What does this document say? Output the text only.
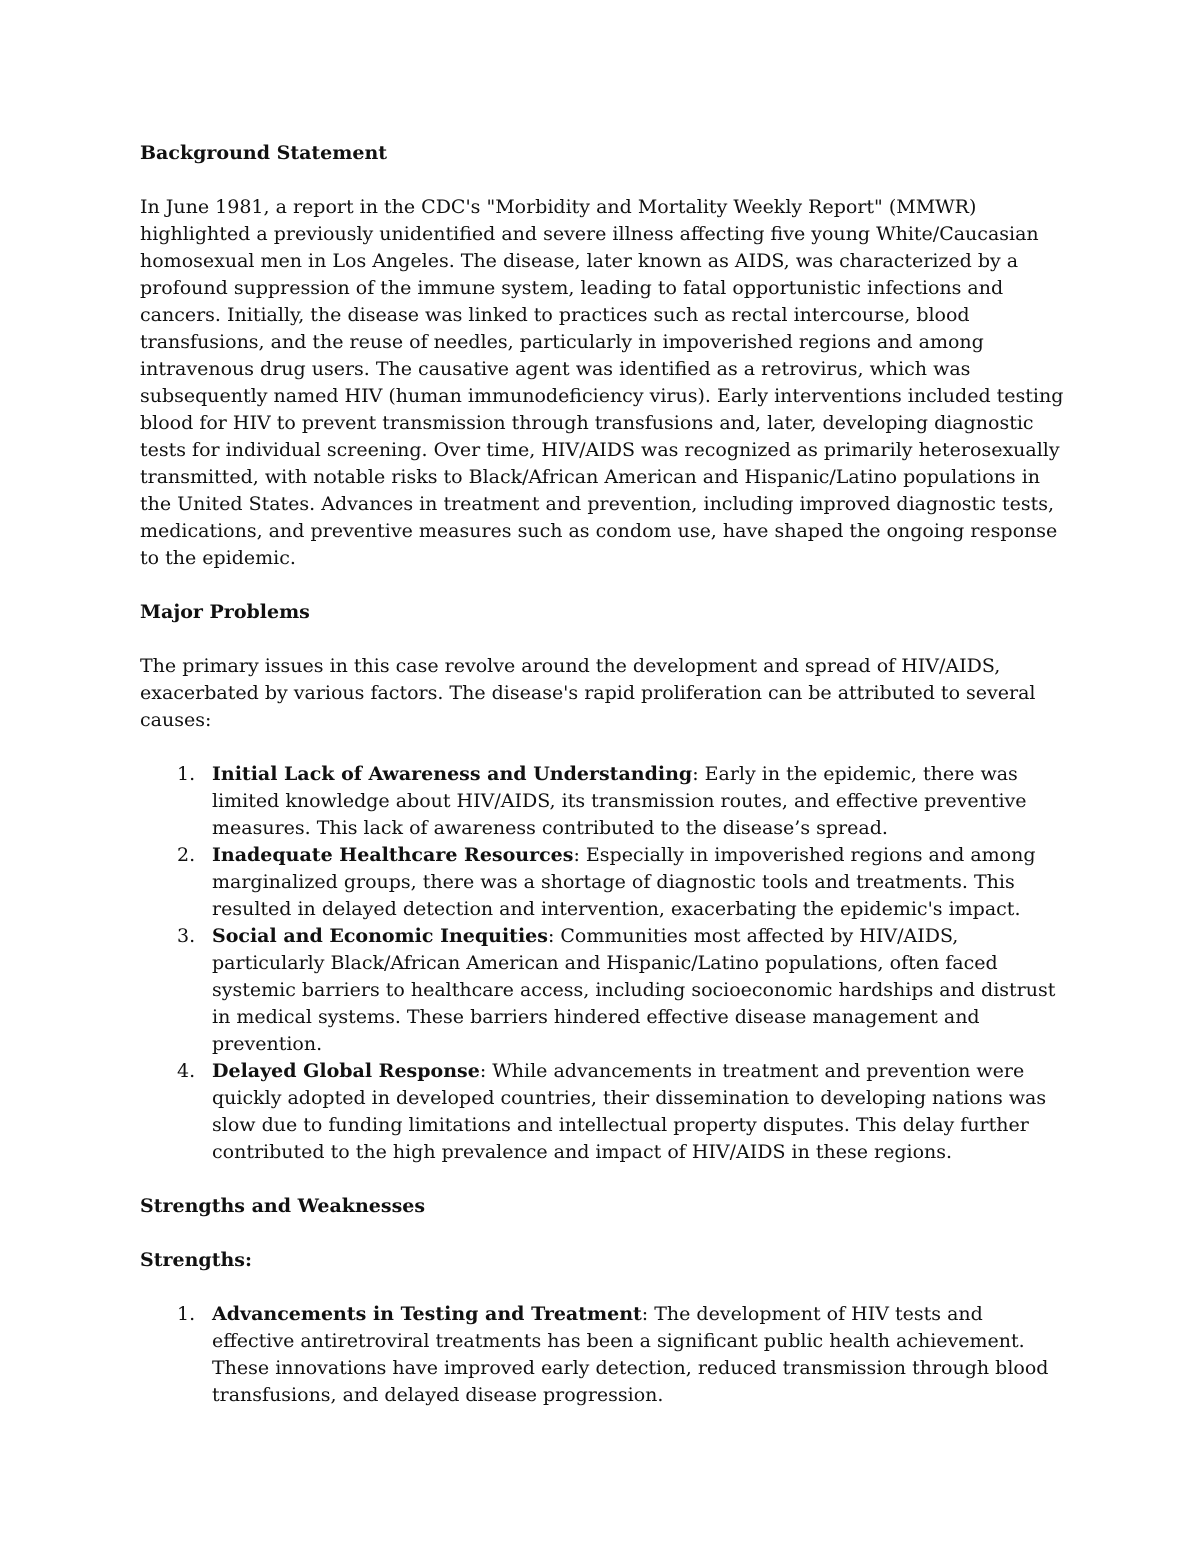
Background Statement

In June 1981, a report in the CDC's "Morbidity and Mortality Weekly Report" (MMWR) highlighted a previously unidentified and severe illness affecting five young White/Caucasian homosexual men in Los Angeles. The disease, later known as AIDS, was characterized by a profound suppression of the immune system, leading to fatal opportunistic infections and cancers. Initially, the disease was linked to practices such as rectal intercourse, blood transfusions, and the reuse of needles, particularly in impoverished regions and among intravenous drug users. The causative agent was identified as a retrovirus, which was subsequently named HIV (human immunodeficiency virus). Early interventions included testing blood for HIV to prevent transmission through transfusions and, later, developing diagnostic tests for individual screening. Over time, HIV/AIDS was recognized as primarily heterosexually transmitted, with notable risks to Black/African American and Hispanic/Latino populations in the United States. Advances in treatment and prevention, including improved diagnostic tests, medications, and preventive measures such as condom use, have shaped the ongoing response to the epidemic.

Major Problems

The primary issues in this case revolve around the development and spread of HIV/AIDS, exacerbated by various factors. The disease's rapid proliferation can be attributed to several causes:

1. Initial Lack of Awareness and Understanding: Early in the epidemic, there was limited knowledge about HIV/AIDS, its transmission routes, and effective preventive measures. This lack of awareness contributed to the disease’s spread.
2. Inadequate Healthcare Resources: Especially in impoverished regions and among marginalized groups, there was a shortage of diagnostic tools and treatments. This resulted in delayed detection and intervention, exacerbating the epidemic's impact.
3. Social and Economic Inequities: Communities most affected by HIV/AIDS, particularly Black/African American and Hispanic/Latino populations, often faced systemic barriers to healthcare access, including socioeconomic hardships and distrust in medical systems. These barriers hindered effective disease management and prevention.
4. Delayed Global Response: While advancements in treatment and prevention were quickly adopted in developed countries, their dissemination to developing nations was slow due to funding limitations and intellectual property disputes. This delay further contributed to the high prevalence and impact of HIV/AIDS in these regions.
Strengths and Weaknesses
Strengths:
1. Advancements in Testing and Treatment: The development of HIV tests and effective antiretroviral treatments has been a significant public health achievement. These innovations have improved early detection, reduced transmission through blood transfusions, and delayed disease progression.
